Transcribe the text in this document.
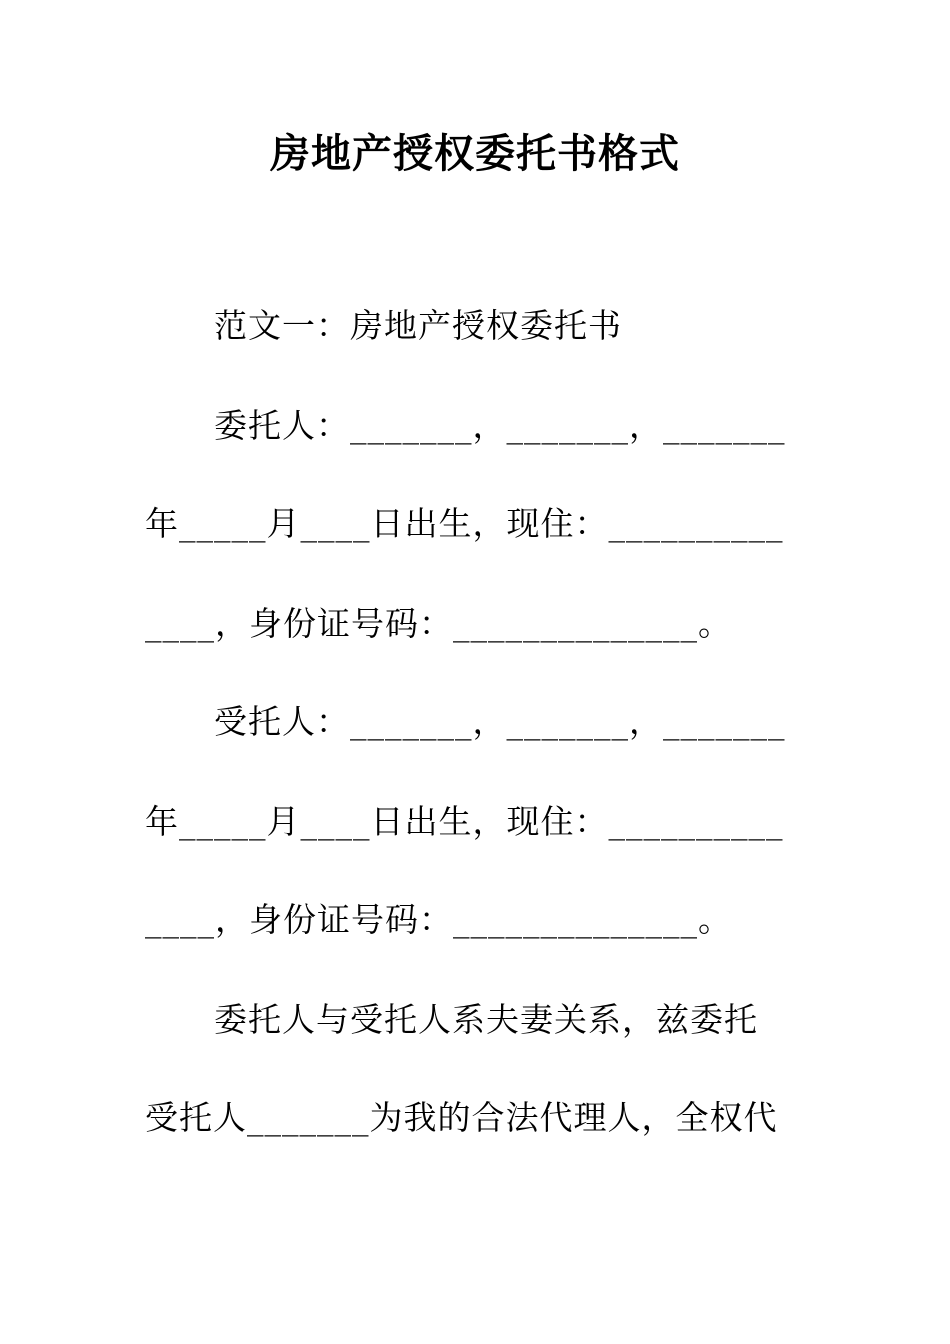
房地产授权委托书格式
范文一：房地产授权委托书
委托人：_______，_______，_______
年_____月____日出生，现住：__________
____，身份证号码：______________。
受托人：_______，_______，_______
年_____月____日出生，现住：__________
____，身份证号码：______________。
委托人与受托人系夫妻关系，兹委托
受托人_______为我的合法代理人，全权代
